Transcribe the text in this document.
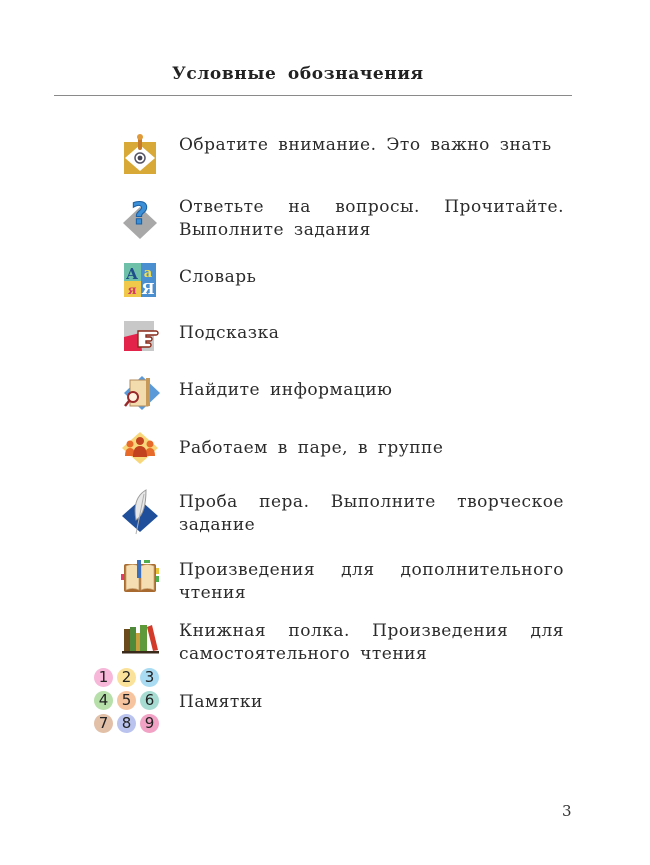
Условные обозначения
Обратите внимание. Это важно знать
? Ответьте на вопросы. Прочитайте. Выполните задания
А а
я Я
Словарь
Подсказка
Найдите информацию
Работаем в паре, в группе
Проба пера. Выполните творческое задание
Произведения для дополнительного чтения
Книжная полка. Произведения для самостоятельного чтения
1 2 3
4 5 6
7 8 9
Памятки
3
